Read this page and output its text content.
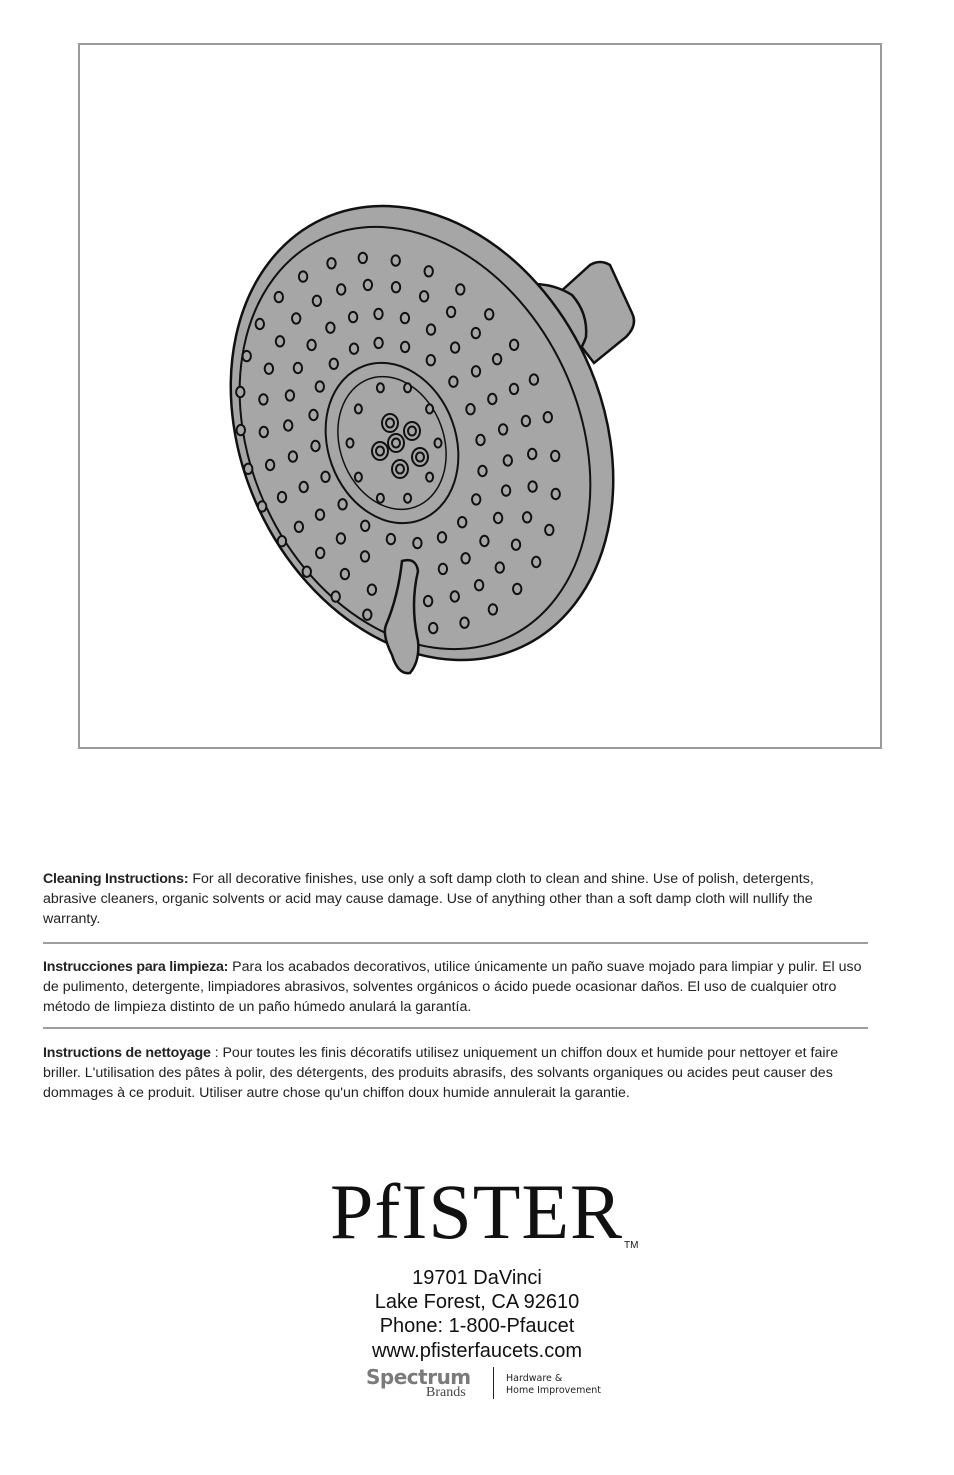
Cleaning Instructions: For all decorative finishes, use only a soft damp cloth to clean and shine. Use of polish, detergents, abrasive cleaners, organic solvents or acid may cause damage. Use of anything other than a soft damp cloth will nullify the warranty.
Instrucciones para limpieza: Para los acabados decorativos, utilice únicamente un paño suave mojado para limpiar y pulir. El uso de pulimento, detergente, limpiadores abrasivos, solventes orgánicos o ácido puede ocasionar daños. El uso de cualquier otro método de limpieza distinto de un paño húmedo anulará la garantía.
Instructions de nettoyage : Pour toutes les finis décoratifs utilisez uniquement un chiffon doux et humide pour nettoyer et faire briller. L'utilisation des pâtes à polir, des détergents, des produits abrasifs, des solvants organiques ou acides peut causer des dommages à ce produit. Utiliser autre chose qu'un chiffon doux humide annulerait la garantie.
PfISTER TM
19701 DaVinci
Lake Forest, CA 92610
Phone: 1-800-Pfaucet
www.pfisterfaucets.com
Spectrum
Brands
Hardware &
Home Improvement
